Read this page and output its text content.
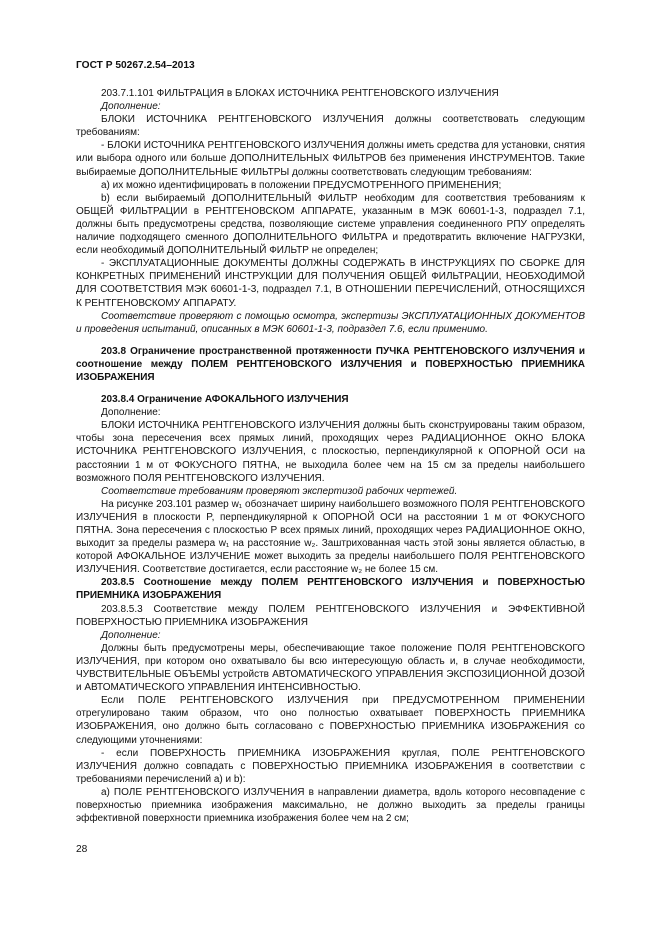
ГОСТ Р 50267.2.54–2013

203.7.1.101 ФИЛЬТРАЦИЯ в БЛОКАХ ИСТОЧНИКА РЕНТГЕНОВСКОГО ИЗЛУЧЕНИЯ

Дополнение:

БЛОКИ ИСТОЧНИКА РЕНТГЕНОВСКОГО ИЗЛУЧЕНИЯ должны соответствовать следующим требованиям:

- БЛОКИ ИСТОЧНИКА РЕНТГЕНОВСКОГО ИЗЛУЧЕНИЯ должны иметь средства для установки, снятия или выбора одного или больше ДОПОЛНИТЕЛЬНЫХ ФИЛЬТРОВ без применения ИНСТРУМЕНТОВ. Такие выбираемые ДОПОЛНИТЕЛЬНЫЕ ФИЛЬТРЫ должны соответствовать следующим требованиям:

а) их можно идентифицировать в положении ПРЕДУСМОТРЕННОГО ПРИМЕНЕНИЯ;

b) если выбираемый ДОПОЛНИТЕЛЬНЫЙ ФИЛЬТР необходим для соответствия требованиям к ОБЩЕЙ ФИЛЬТРАЦИИ в РЕНТГЕНОВСКОМ АППАРАТЕ, указанным в МЭК 60601-1-3, подраздел 7.1, должны быть предусмотрены средства, позволяющие системе управления соединенного РПУ определять наличие подходящего сменного ДОПОЛНИТЕЛЬНОГО ФИЛЬТРА и предотвратить включение НАГРУЗКИ, если необходимый ДОПОЛНИТЕЛЬНЫЙ ФИЛЬТР не определен;

- ЭКСПЛУАТАЦИОННЫЕ ДОКУМЕНТЫ ДОЛЖНЫ СОДЕРЖАТЬ В ИНСТРУКЦИЯХ ПО СБОРКЕ ДЛЯ КОНКРЕТНЫХ ПРИМЕНЕНИЙ ИНСТРУКЦИИ ДЛЯ ПОЛУЧЕНИЯ ОБЩЕЙ ФИЛЬТРАЦИИ, НЕОБХОДИМОЙ ДЛЯ СООТВЕТСТВИЯ МЭК 60601-1-3, подраздел 7.1, В ОТНОШЕНИИ ПЕРЕЧИСЛЕНИЙ, ОТНОСЯЩИХСЯ К РЕНТГЕНОВСКОМУ АППАРАТУ.

Соответствие проверяют с помощью осмотра, экспертизы ЭКСПЛУАТАЦИОННЫХ ДОКУМЕНТОВ и проведения испытаний, описанных в МЭК 60601-1-3, подраздел 7.6, если применимо.

203.8 Ограничение пространственной протяженности ПУЧКА РЕНТГЕНОВСКОГО ИЗЛУЧЕНИЯ и соотношение между ПОЛЕМ РЕНТГЕНОВСКОГО ИЗЛУЧЕНИЯ и ПОВЕРХНОСТЬЮ ПРИЕМНИКА ИЗОБРАЖЕНИЯ

203.8.4 Ограничение АФОКАЛЬНОГО ИЗЛУЧЕНИЯ

Дополнение:

БЛОКИ ИСТОЧНИКА РЕНТГЕНОВСКОГО ИЗЛУЧЕНИЯ должны быть сконструированы таким образом, чтобы зона пересечения всех прямых линий, проходящих через РАДИАЦИОННОЕ ОКНО БЛОКА ИСТОЧНИКА РЕНТГЕНОВСКОГО ИЗЛУЧЕНИЯ, с плоскостью, перпендикулярной к ОПОРНОЙ ОСИ на расстоянии 1 м от ФОКУСНОГО ПЯТНА, не выходила более чем на 15 см за пределы наибольшего возможного ПОЛЯ РЕНТГЕНОВСКОГО ИЗЛУЧЕНИЯ.

Соответствие требованиям проверяют экспертизой рабочих чертежей.

На рисунке 203.101 размер w₁ обозначает ширину наибольшего возможного ПОЛЯ РЕНТГЕНОВСКОГО ИЗЛУЧЕНИЯ в плоскости P, перпендикулярной к ОПОРНОЙ ОСИ на расстоянии 1 м от ФОКУСНОГО ПЯТНА. Зона пересечения с плоскостью P всех прямых линий, проходящих через РАДИАЦИОННОЕ ОКНО, выходит за пределы размера w₁ на расстояние w₂. Заштрихованная часть этой зоны является областью, в которой АФОКАЛЬНОЕ ИЗЛУЧЕНИЕ может выходить за пределы наибольшего ПОЛЯ РЕНТГЕНОВСКОГО ИЗЛУЧЕНИЯ. Соответствие достигается, если расстояние w₂ не более 15 см.

203.8.5 Соотношение между ПОЛЕМ РЕНТГЕНОВСКОГО ИЗЛУЧЕНИЯ и ПОВЕРХНОСТЬЮ ПРИЕМНИКА ИЗОБРАЖЕНИЯ

203.8.5.3 Соответствие между ПОЛЕМ РЕНТГЕНОВСКОГО ИЗЛУЧЕНИЯ и ЭФФЕКТИВНОЙ ПОВЕРХНОСТЬЮ ПРИЕМНИКА ИЗОБРАЖЕНИЯ

Дополнение:

Должны быть предусмотрены меры, обеспечивающие такое положение ПОЛЯ РЕНТГЕНОВСКОГО ИЗЛУЧЕНИЯ, при котором оно охватывало бы всю интересующую область и, в случае необходимости, ЧУВСТВИТЕЛЬНЫЕ ОБЪЕМЫ устройств АВТОМАТИЧЕСКОГО УПРАВЛЕНИЯ ЭКСПОЗИЦИОННОЙ ДОЗОЙ и АВТОМАТИЧЕСКОГО УПРАВЛЕНИЯ ИНТЕНСИВНОСТЬЮ.

Если ПОЛЕ РЕНТГЕНОВСКОГО ИЗЛУЧЕНИЯ при ПРЕДУСМОТРЕННОМ ПРИМЕНЕНИИ отрегулировано таким образом, что оно полностью охватывает ПОВЕРХНОСТЬ ПРИЕМНИКА ИЗОБРАЖЕНИЯ, оно должно быть согласовано с ПОВЕРХНОСТЬЮ ПРИЕМНИКА ИЗОБРАЖЕНИЯ со следующими уточнениями:

- если ПОВЕРХНОСТЬ ПРИЕМНИКА ИЗОБРАЖЕНИЯ круглая, ПОЛЕ РЕНТГЕНОВСКОГО ИЗЛУЧЕНИЯ должно совпадать с ПОВЕРХНОСТЬЮ ПРИЕМНИКА ИЗОБРАЖЕНИЯ в соответствии с требованиями перечислений а) и b):

а) ПОЛЕ РЕНТГЕНОВСКОГО ИЗЛУЧЕНИЯ в направлении диаметра, вдоль которого несовпадение с поверхностью приемника изображения максимально, не должно выходить за пределы границы эффективной поверхности приемника изображения более чем на 2 см;

28
